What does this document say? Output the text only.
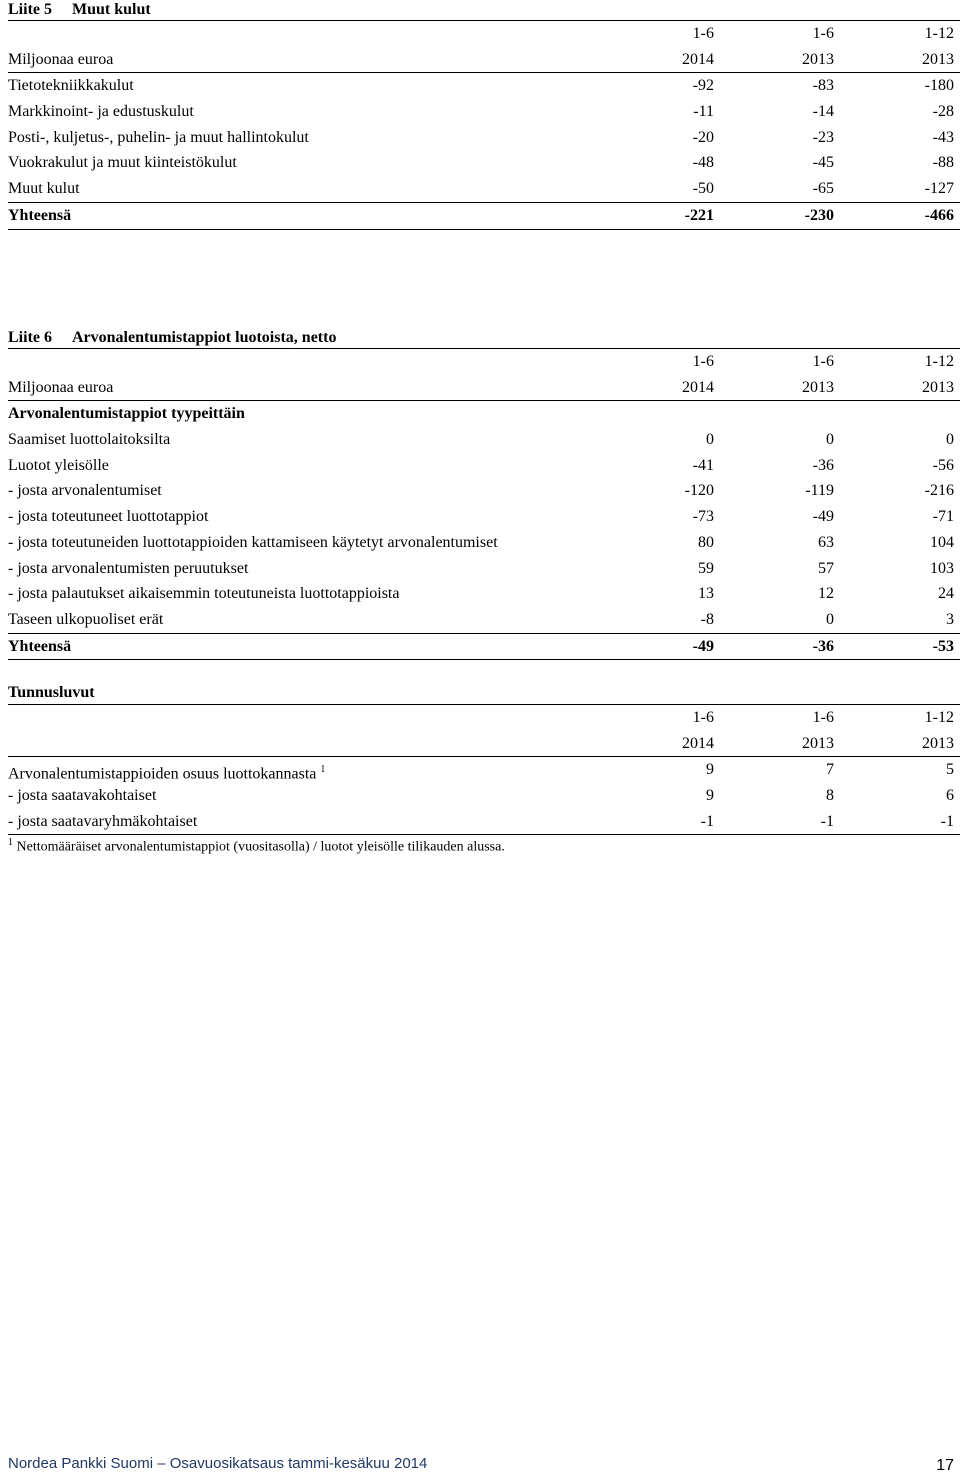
Liite 5 Muut kulut
1-6	1-6	1-12
Miljoonaa euroa	2014	2013	2013
Tietotekniikkakulut	-92	-83	-180
Markkinoint- ja edustuskulut	-11	-14	-28
Posti-, kuljetus-, puhelin- ja muut hallintokulut	-20	-23	-43
Vuokrakulut ja muut kiinteistökulut	-48	-45	-88
Muut kulut	-50	-65	-127
Yhteensä	-221	-230	-466
Liite 6 Arvonalentumistappiot luotoista, netto
1-6	1-6	1-12
Miljoonaa euroa	2014	2013	2013
Arvonalentumistappiot tyypeittäin
Saamiset luottolaitoksilta	0	0	0
Luotot yleisölle	-41	-36	-56
- josta arvonalentumiset	-120	-119	-216
- josta toteutuneet luottotappiot	-73	-49	-71
- josta toteutuneiden luottotappioiden kattamiseen käytetyt arvonalentumiset	80	63	104
- josta arvonalentumisten peruutukset	59	57	103
- josta palautukset aikaisemmin toteutuneista luottotappioista	13	12	24
Taseen ulkopuoliset erät	-8	0	3
Yhteensä	-49	-36	-53
Tunnusluvut
1-6	1-6	1-12
2014	2013	2013
Arvonalentumistappioiden osuus luottokannasta $^1$	9	7	5
- josta saatavakohtaiset	9	8	6
- josta saatavaryhmäkohtaiset	-1	-1	-1
$^1$ Nettomääräiset arvonalentumistappiot (vuositasolla) / luotot yleisölle tilikauden alussa.
Nordea Pankki Suomi – Osavuosikatsaus tammi-kesäkuu 2014	17
